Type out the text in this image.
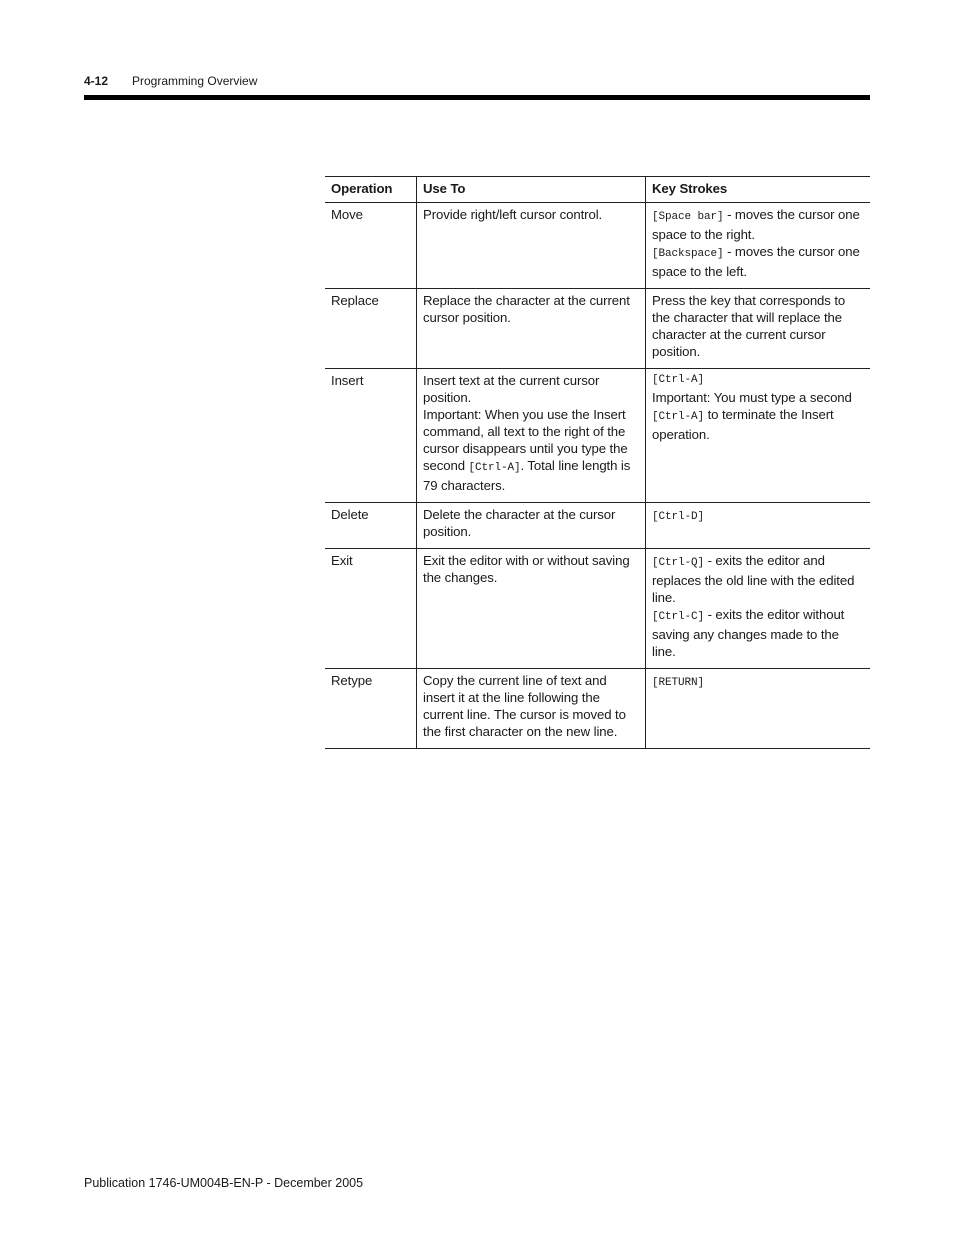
4-12 Programming Overview
Operation	Use To	Key Strokes
Move	Provide right/left cursor control.	[Space bar] - moves the cursor one space to the right.
[Backspace] - moves the cursor one space to the left.

Replace	Replace the character at the current cursor position.	Press the key that corresponds to the character that will replace the character at the current cursor position.
Insert	Insert text at the current cursor position.
Important: When you use the Insert command, all text to the right of the cursor disappears until you type the second [Ctrl-A]. Total line length is 79 characters.	[Ctrl-A]
Important: You must type a second [Ctrl-A] to terminate the Insert operation.
Delete	Delete the character at the cursor position.	[Ctrl-D]
Exit	Exit the editor with or without saving the changes.	[Ctrl-Q] - exits the editor and replaces the old line with the edited line.
[Ctrl-C] - exits the editor without saving any changes made to the line.

Retype	Copy the current line of text and insert it at the line following the current line. The cursor is moved to the first character on the new line.	[RETURN]
Publication 1746-UM004B-EN-P - December 2005
